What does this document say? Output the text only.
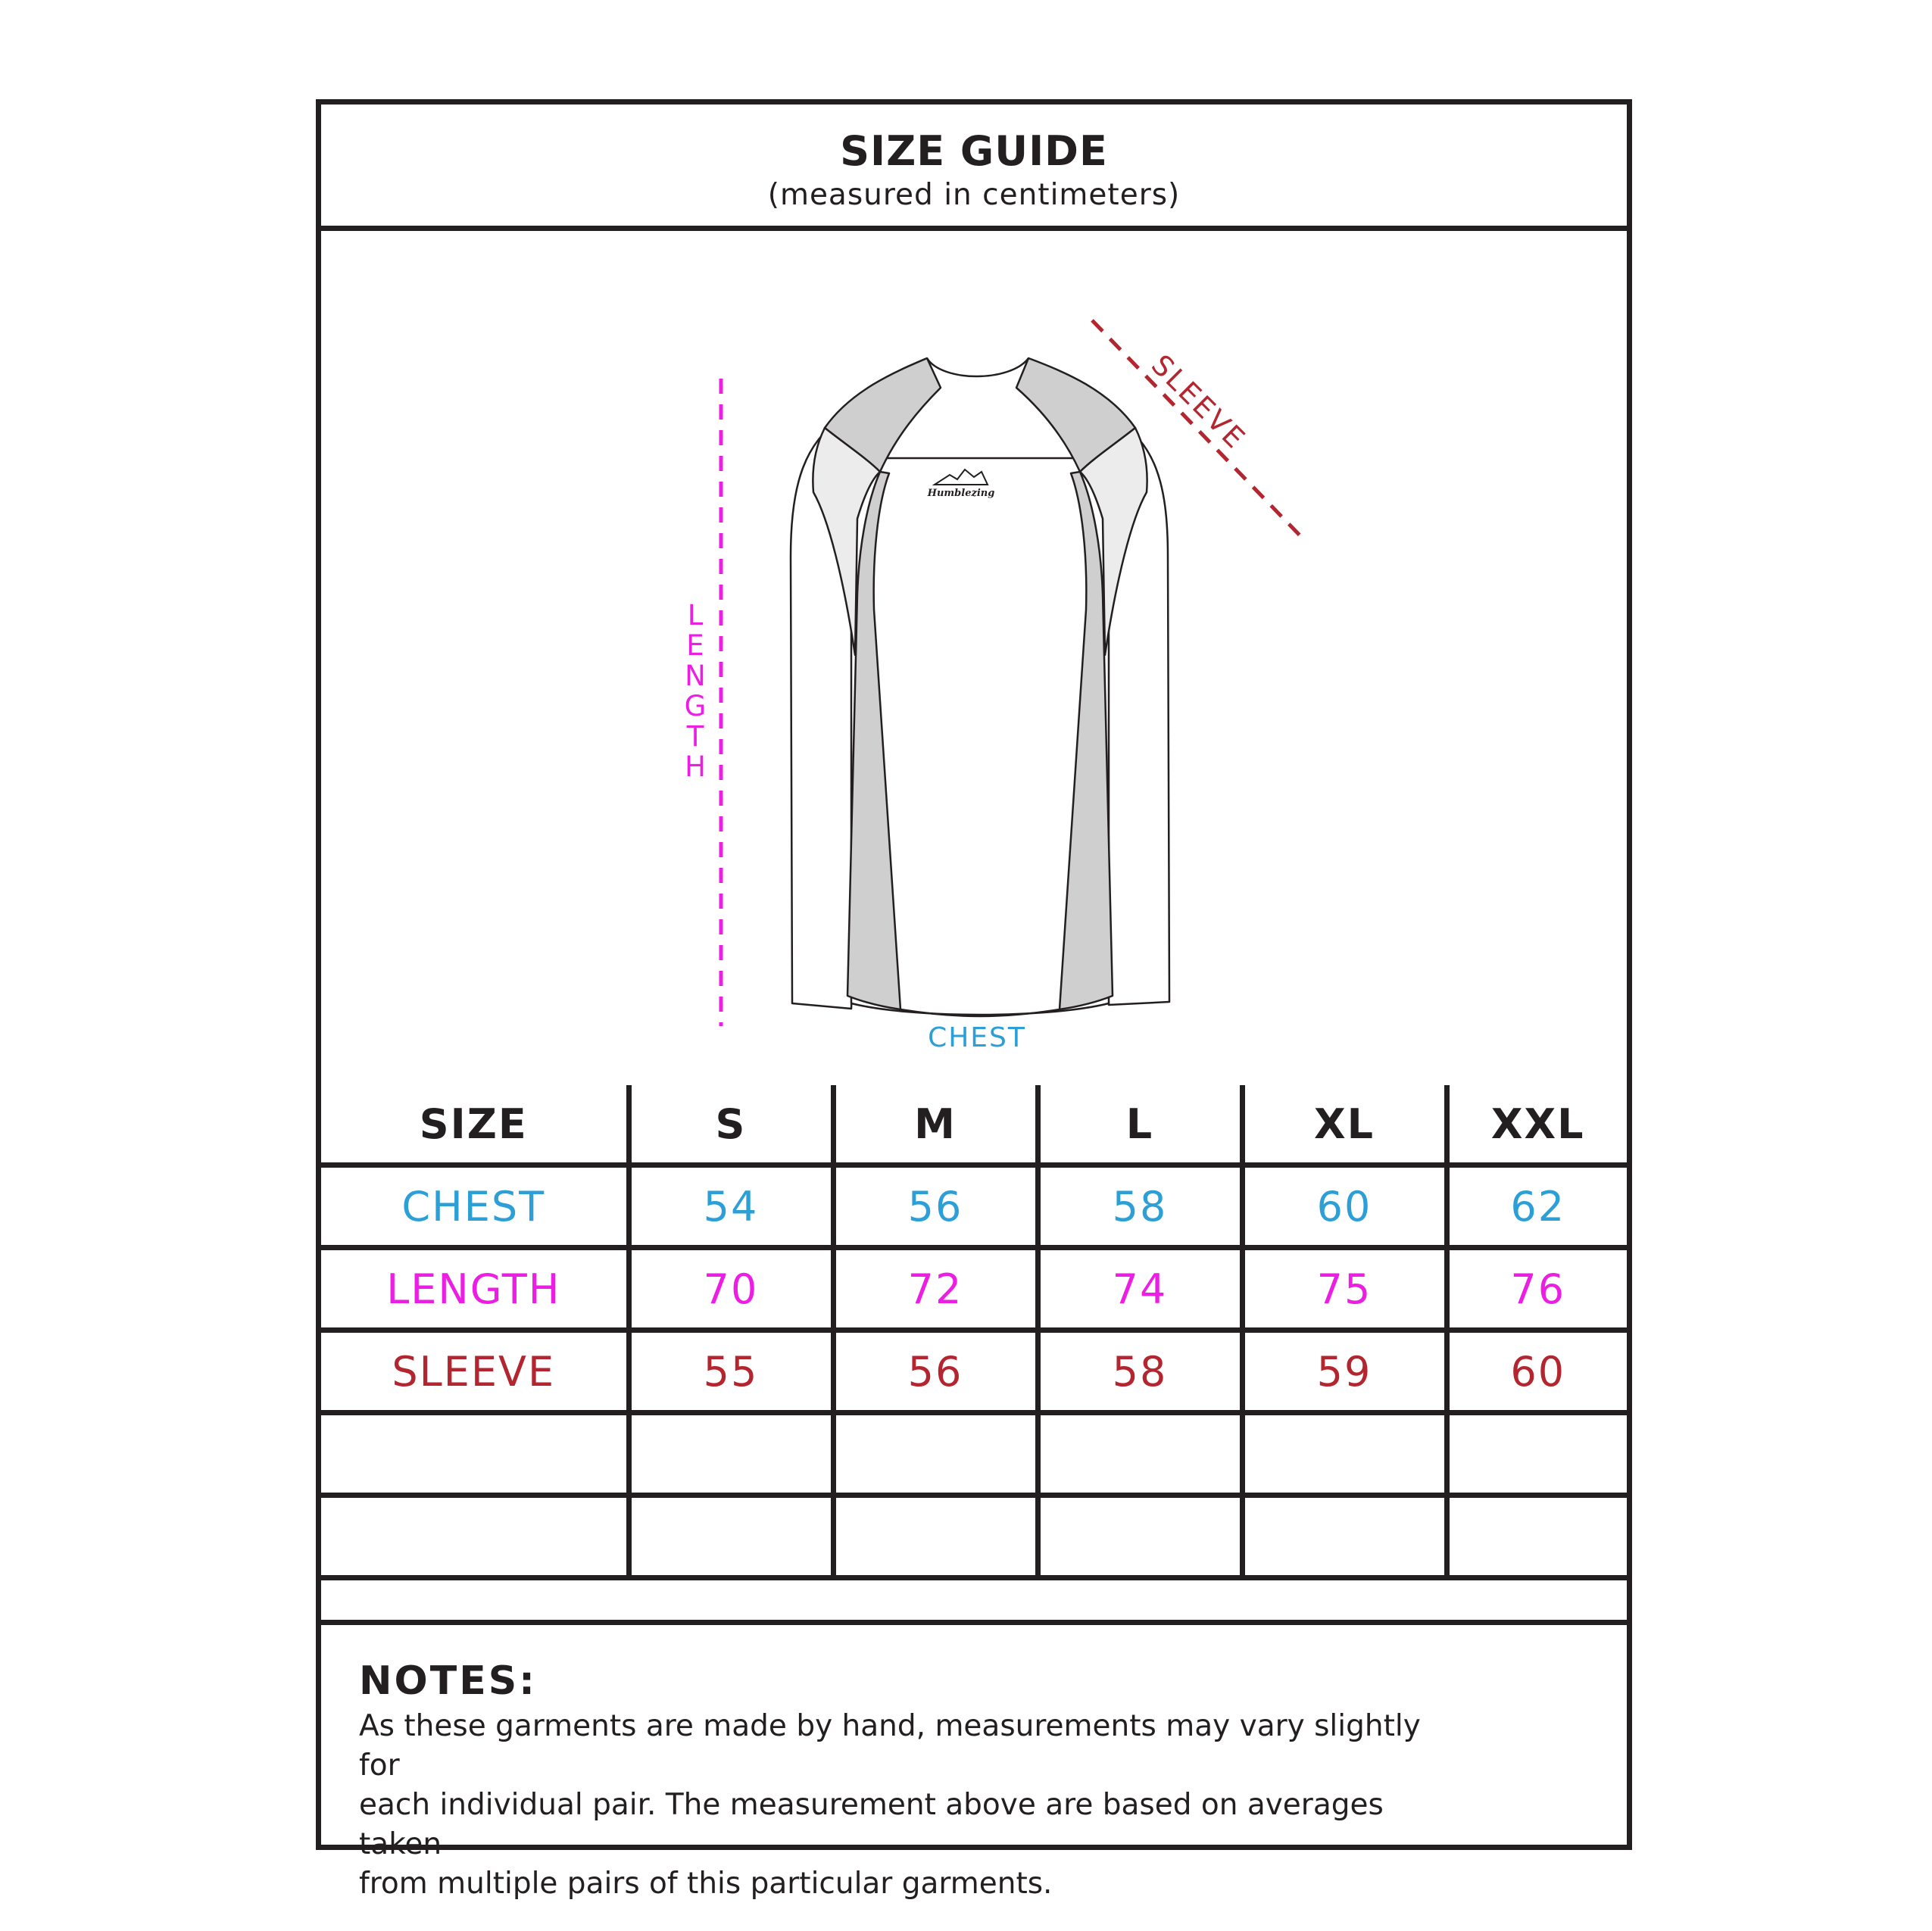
SIZE GUIDE
(measured in centimeters)
L
E
N
G
T
H
CHEST
SLEEVE
Humblezing
SIZE	S	M	L	XL	XXL
CHEST	54	56	58	60	62
LENGTH	70	72	74	75	76
SLEEVE	55	56	58	59	60

NOTES:
As these garments are made by hand, measurements may vary slightly for
each individual pair. The measurement above are based on averages taken
from multiple pairs of this particular garments.
